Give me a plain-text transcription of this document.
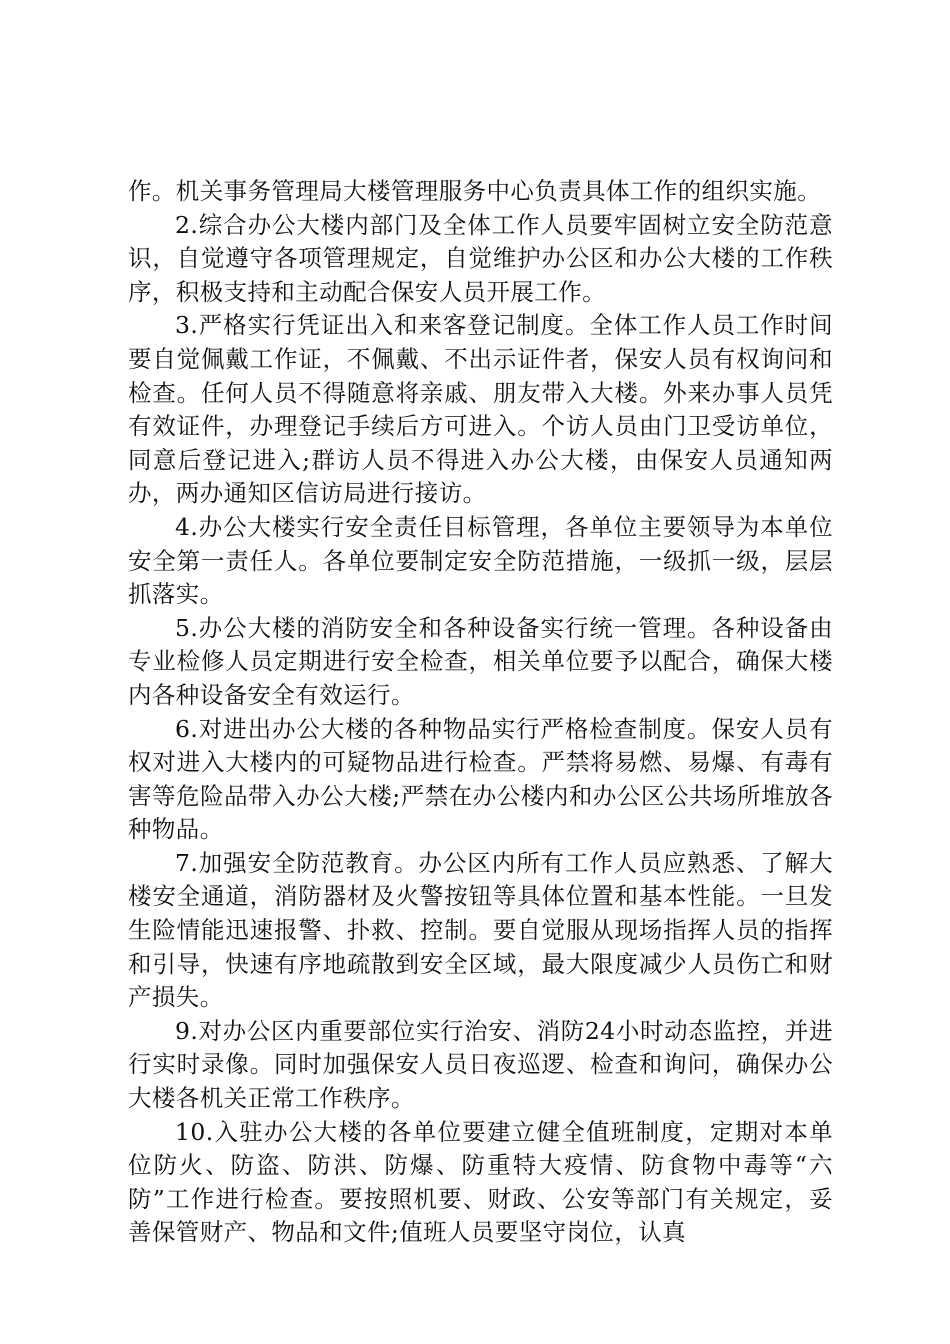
作。机关事务管理局大楼管理服务中心负责具体工作的组织实施。

2.综合办公大楼内部门及全体工作人员要牢固树立安全防范意识，自觉遵守各项管理规定，自觉维护办公区和办公大楼的工作秩序，积极支持和主动配合保安人员开展工作。

3.严格实行凭证出入和来客登记制度。全体工作人员工作时间要自觉佩戴工作证，不佩戴、不出示证件者，保安人员有权询问和检查。任何人员不得随意将亲戚、朋友带入大楼。外来办事人员凭有效证件，办理登记手续后方可进入。个访人员由门卫受访单位，同意后登记进入;群访人员不得进入办公大楼，由保安人员通知两办，两办通知区信访局进行接访。

4.办公大楼实行安全责任目标管理，各单位主要领导为本单位安全第一责任人。各单位要制定安全防范措施，一级抓一级，层层抓落实。

5.办公大楼的消防安全和各种设备实行统一管理。各种设备由专业检修人员定期进行安全检查，相关单位要予以配合，确保大楼内各种设备安全有效运行。

6.对进出办公大楼的各种物品实行严格检查制度。保安人员有权对进入大楼内的可疑物品进行检查。严禁将易燃、易爆、有毒有害等危险品带入办公大楼;严禁在办公楼内和办公区公共场所堆放各种物品。

7.加强安全防范教育。办公区内所有工作人员应熟悉、了解大楼安全通道，消防器材及火警按钮等具体位置和基本性能。一旦发生险情能迅速报警、扑救、控制。要自觉服从现场指挥人员的指挥和引导，快速有序地疏散到安全区域，最大限度减少人员伤亡和财产损失。

9.对办公区内重要部位实行治安、消防24小时动态监控，并进行实时录像。同时加强保安人员日夜巡逻、检查和询问，确保办公大楼各机关正常工作秩序。

10.入驻办公大楼的各单位要建立健全值班制度，定期对本单位防火、防盗、防洪、防爆、防重特大疫情、防食物中毒等“六防”工作进行检查。要按照机要、财政、公安等部门有关规定，妥善保管财产、物品和文件;值班人员要坚守岗位，认真
